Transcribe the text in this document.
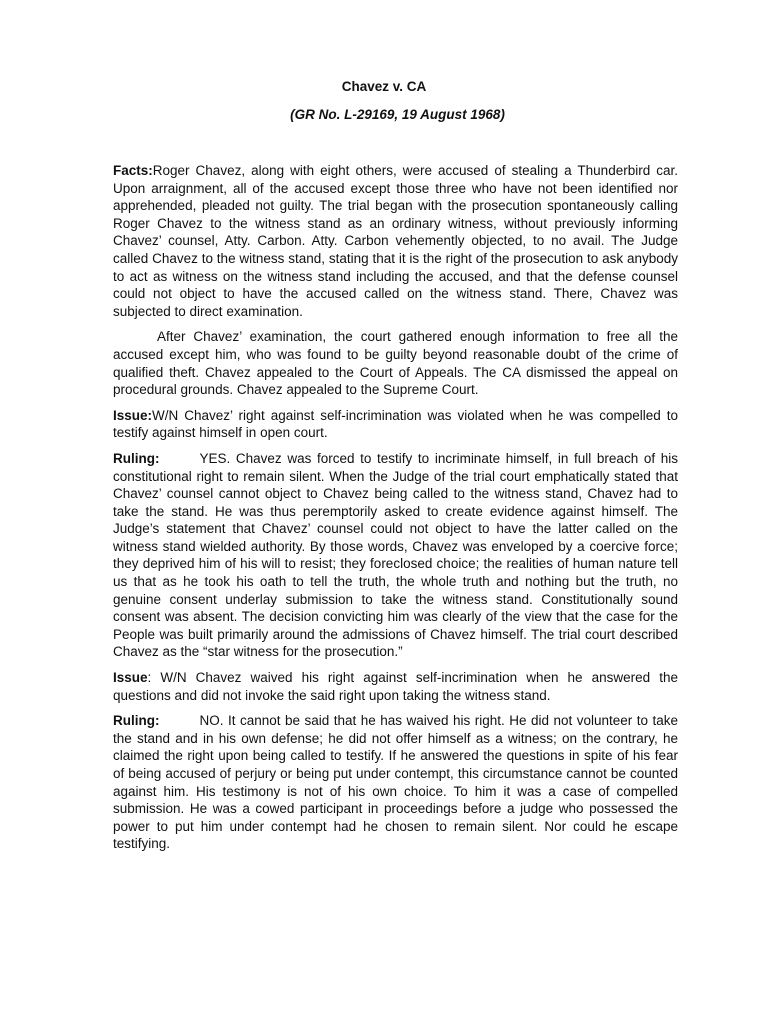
Chavez v. CA
(GR No. L-29169, 19 August 1968)

Facts:Roger Chavez, along with eight others, were accused of stealing a Thunderbird car. Upon arraignment, all of the accused except those three who have not been identified nor apprehended, pleaded not guilty. The trial began with the prosecution spontaneously calling Roger Chavez to the witness stand as an ordinary witness, without previously informing Chavez’ counsel, Atty. Carbon. Atty. Carbon vehemently objected, to no avail. The Judge called Chavez to the witness stand, stating that it is the right of the prosecution to ask anybody to act as witness on the witness stand including the accused, and that the defense counsel could not object to have the accused called on the witness stand. There, Chavez was subjected to direct examination.

After Chavez’ examination, the court gathered enough information to free all the accused except him, who was found to be guilty beyond reasonable doubt of the crime of qualified theft. Chavez appealed to the Court of Appeals. The CA dismissed the appeal on procedural grounds. Chavez appealed to the Supreme Court.

Issue:W/N Chavez’ right against self-incrimination was violated when he was compelled to testify against himself in open court.

Ruling:	YES. Chavez was forced to testify to incriminate himself, in full breach of his constitutional right to remain silent. When the Judge of the trial court emphatically stated that Chavez’ counsel cannot object to Chavez being called to the witness stand, Chavez had to take the stand. He was thus peremptorily asked to create evidence against himself. The Judge’s statement that Chavez’ counsel could not object to have the latter called on the witness stand wielded authority. By those words, Chavez was enveloped by a coercive force; they deprived him of his will to resist; they foreclosed choice; the realities of human nature tell us that as he took his oath to tell the truth, the whole truth and nothing but the truth, no genuine consent underlay submission to take the witness stand. Constitutionally sound consent was absent. The decision convicting him was clearly of the view that the case for the People was built primarily around the admissions of Chavez himself. The trial court described Chavez as the “star witness for the prosecution.”

Issue: W/N Chavez waived his right against self-incrimination when he answered the questions and did not invoke the said right upon taking the witness stand.

Ruling:	NO. It cannot be said that he has waived his right. He did not volunteer to take the stand and in his own defense; he did not offer himself as a witness; on the contrary, he claimed the right upon being called to testify. If he answered the questions in spite of his fear of being accused of perjury or being put under contempt, this circumstance cannot be counted against him. His testimony is not of his own choice. To him it was a case of compelled submission. He was a cowed participant in proceedings before a judge who possessed the power to put him under contempt had he chosen to remain silent. Nor could he escape testifying.
